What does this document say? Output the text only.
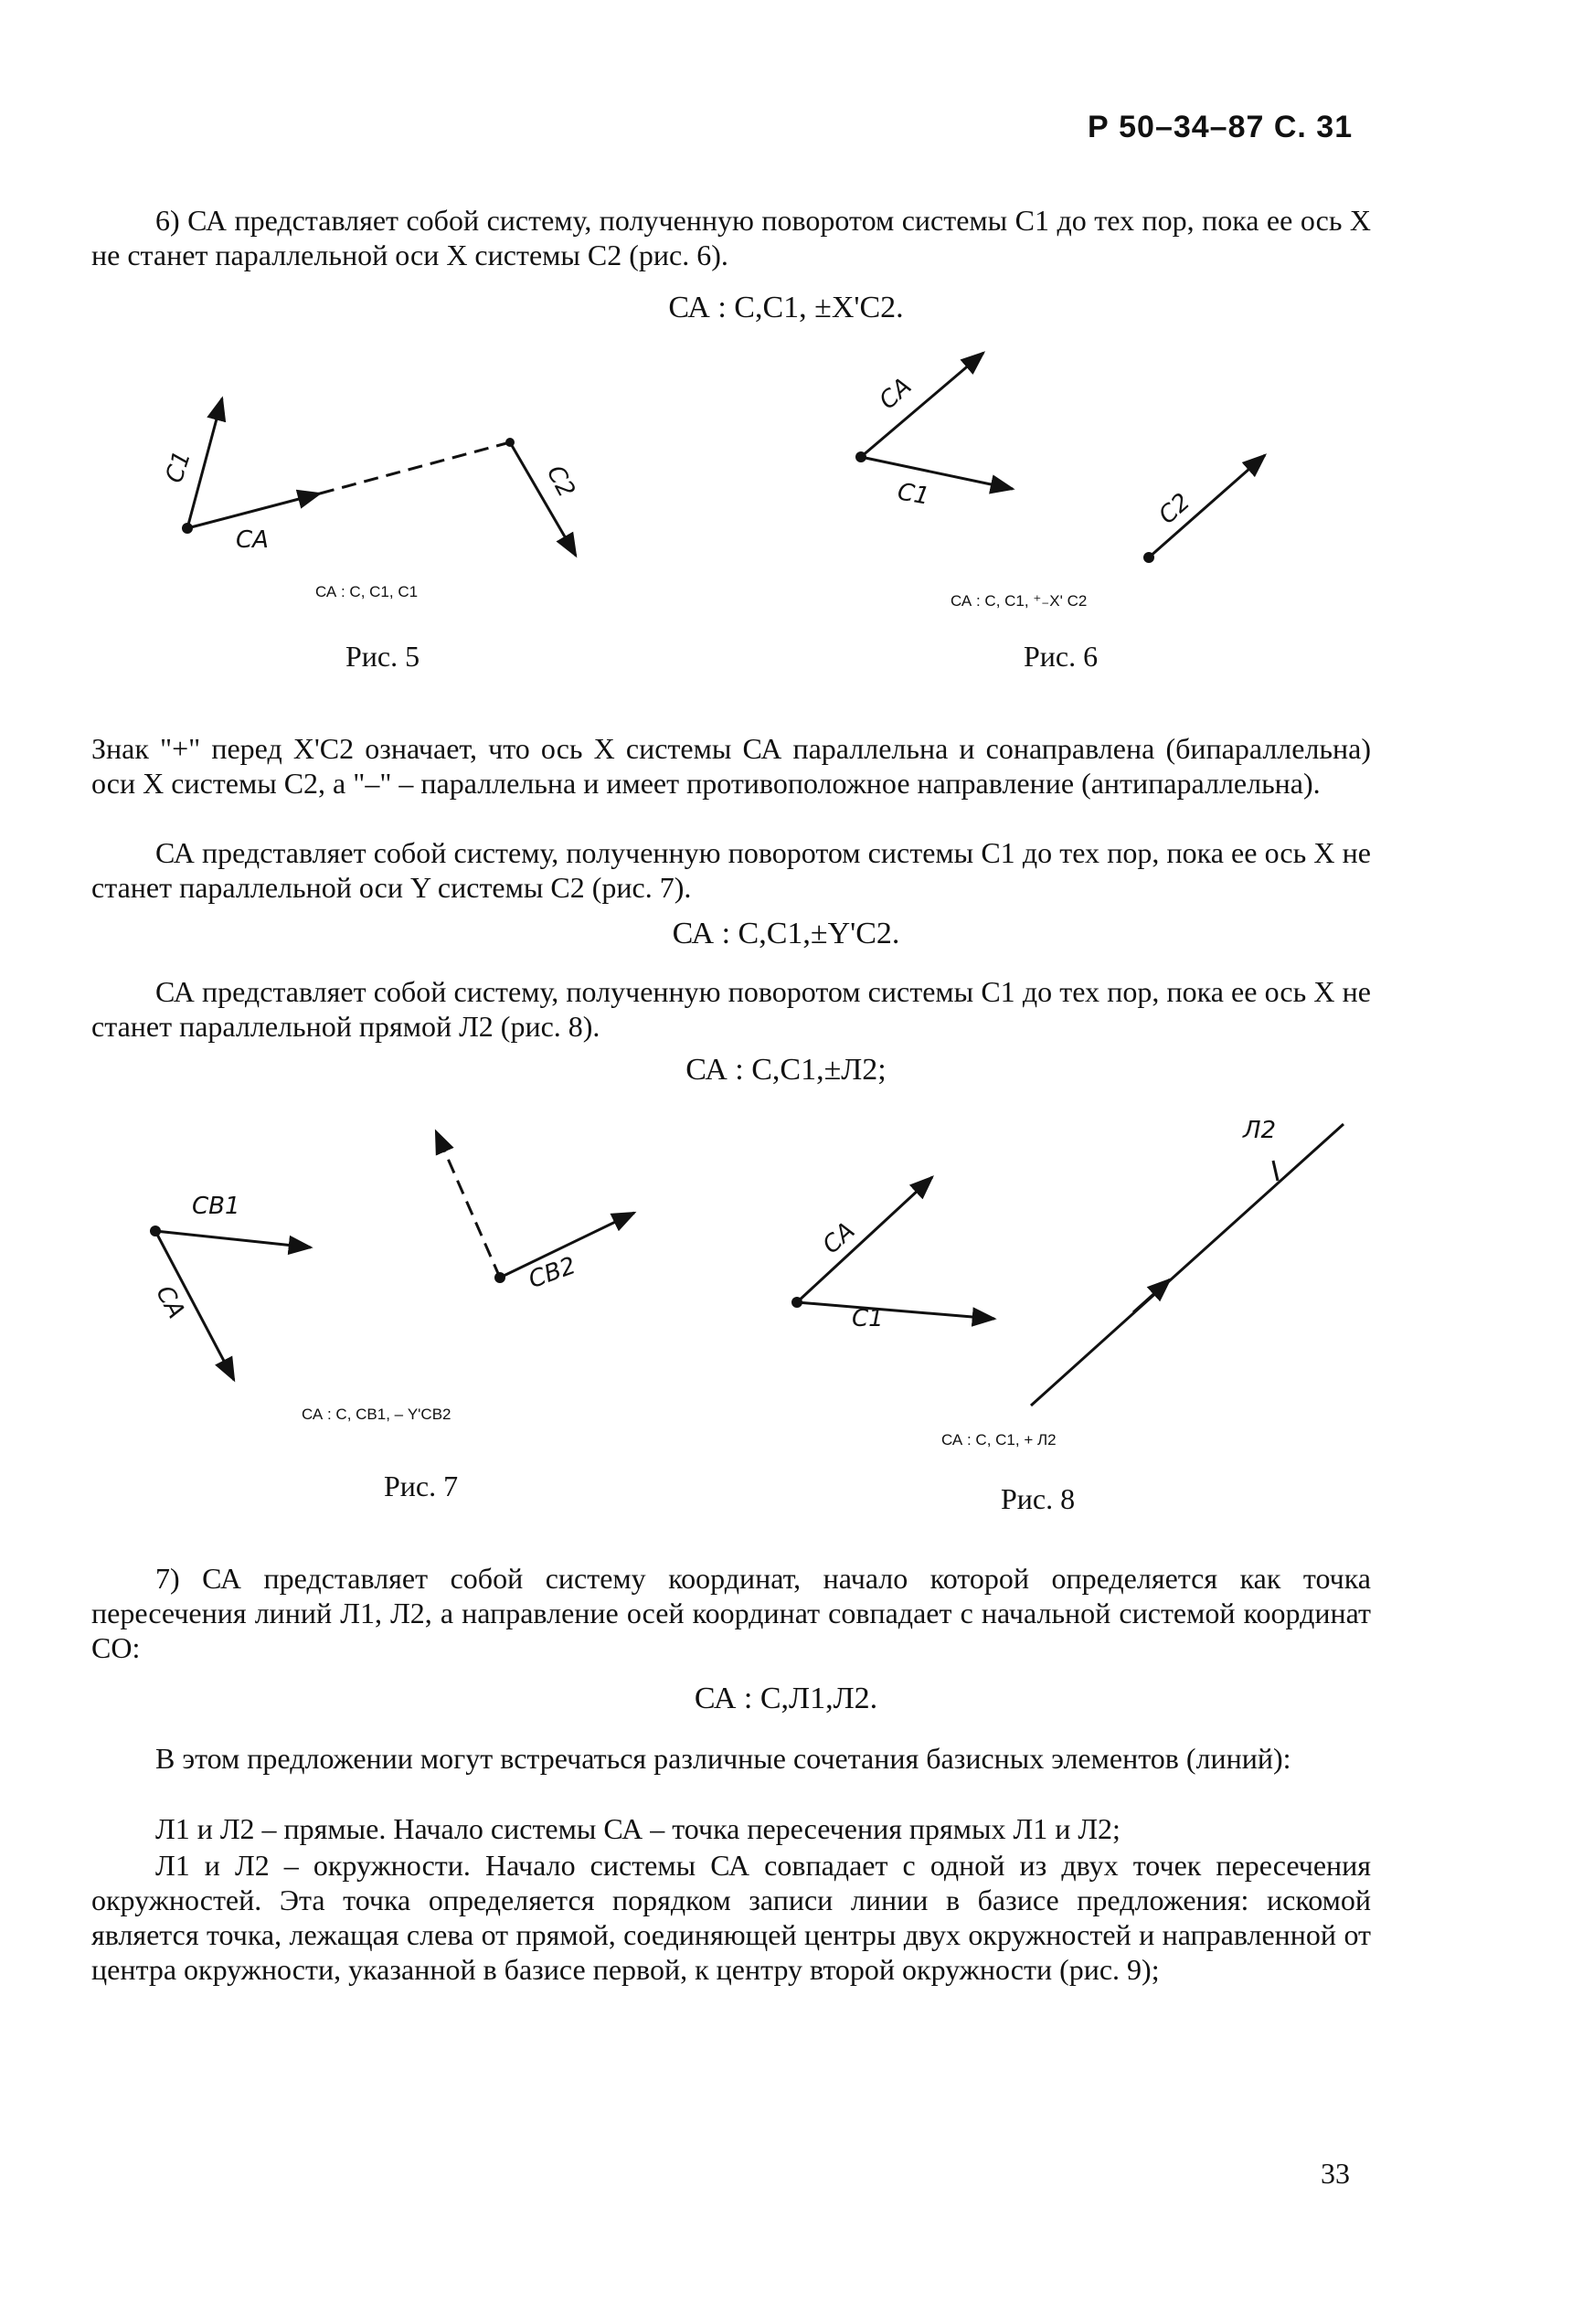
Р 50–34–87 С. 31
6) СА представляет собой систему, полученную поворотом системы С1 до тех пор, пока ее ось Х не станет параллельной оси Х системы С2 (рис. 6).
СА : С,С1, ±Х'С2.
С1
СА
С2
СА : С, С1, С1
Рис. 5
СА
С1	С2
СА : С, С1, ⁺₋Х' С2
Рис. 6
Знак "+" перед Х'С2 означает, что ось Х системы СА параллельна и сонаправлена (бипараллельна) оси Х системы С2, а "–" – параллельна и имеет противоположное направление (антипараллельна).
СА представляет собой систему, полученную поворотом системы С1 до тех пор, пока ее ось Х не станет параллельной оси Y системы С2 (рис. 7).
СА : С,С1,±Y'С2.
СА представляет собой систему, полученную поворотом системы С1 до тех пор, пока ее ось Х не станет параллельной прямой Л2 (рис. 8).
СА : С,С1,±Л2;
СВ1
СА
СВ2
СА : С, СВ1, – Y'СВ2
Рис. 7
СА
С1
Л2
СА : С, С1, + Л2
Рис. 8
7) СА представляет собой систему координат, начало которой определяется как точка пересечения линий Л1, Л2, а направление осей координат совпадает с начальной системой координат СО:
СА : С,Л1,Л2.
В этом предложении могут встречаться различные сочетания базисных элементов (линий):
Л1 и Л2 – прямые. Начало системы СА – точка пересечения прямых Л1 и Л2;
Л1 и Л2 – окружности. Начало системы СА совпадает с одной из двух точек пересечения окружностей. Эта точка определяется порядком записи линии в базисе предложения: искомой является точка, лежащая слева от прямой, соединяющей центры двух окружностей и направленной от центра окружности, указанной в базисе первой, к центру второй окружности (рис. 9);
33
